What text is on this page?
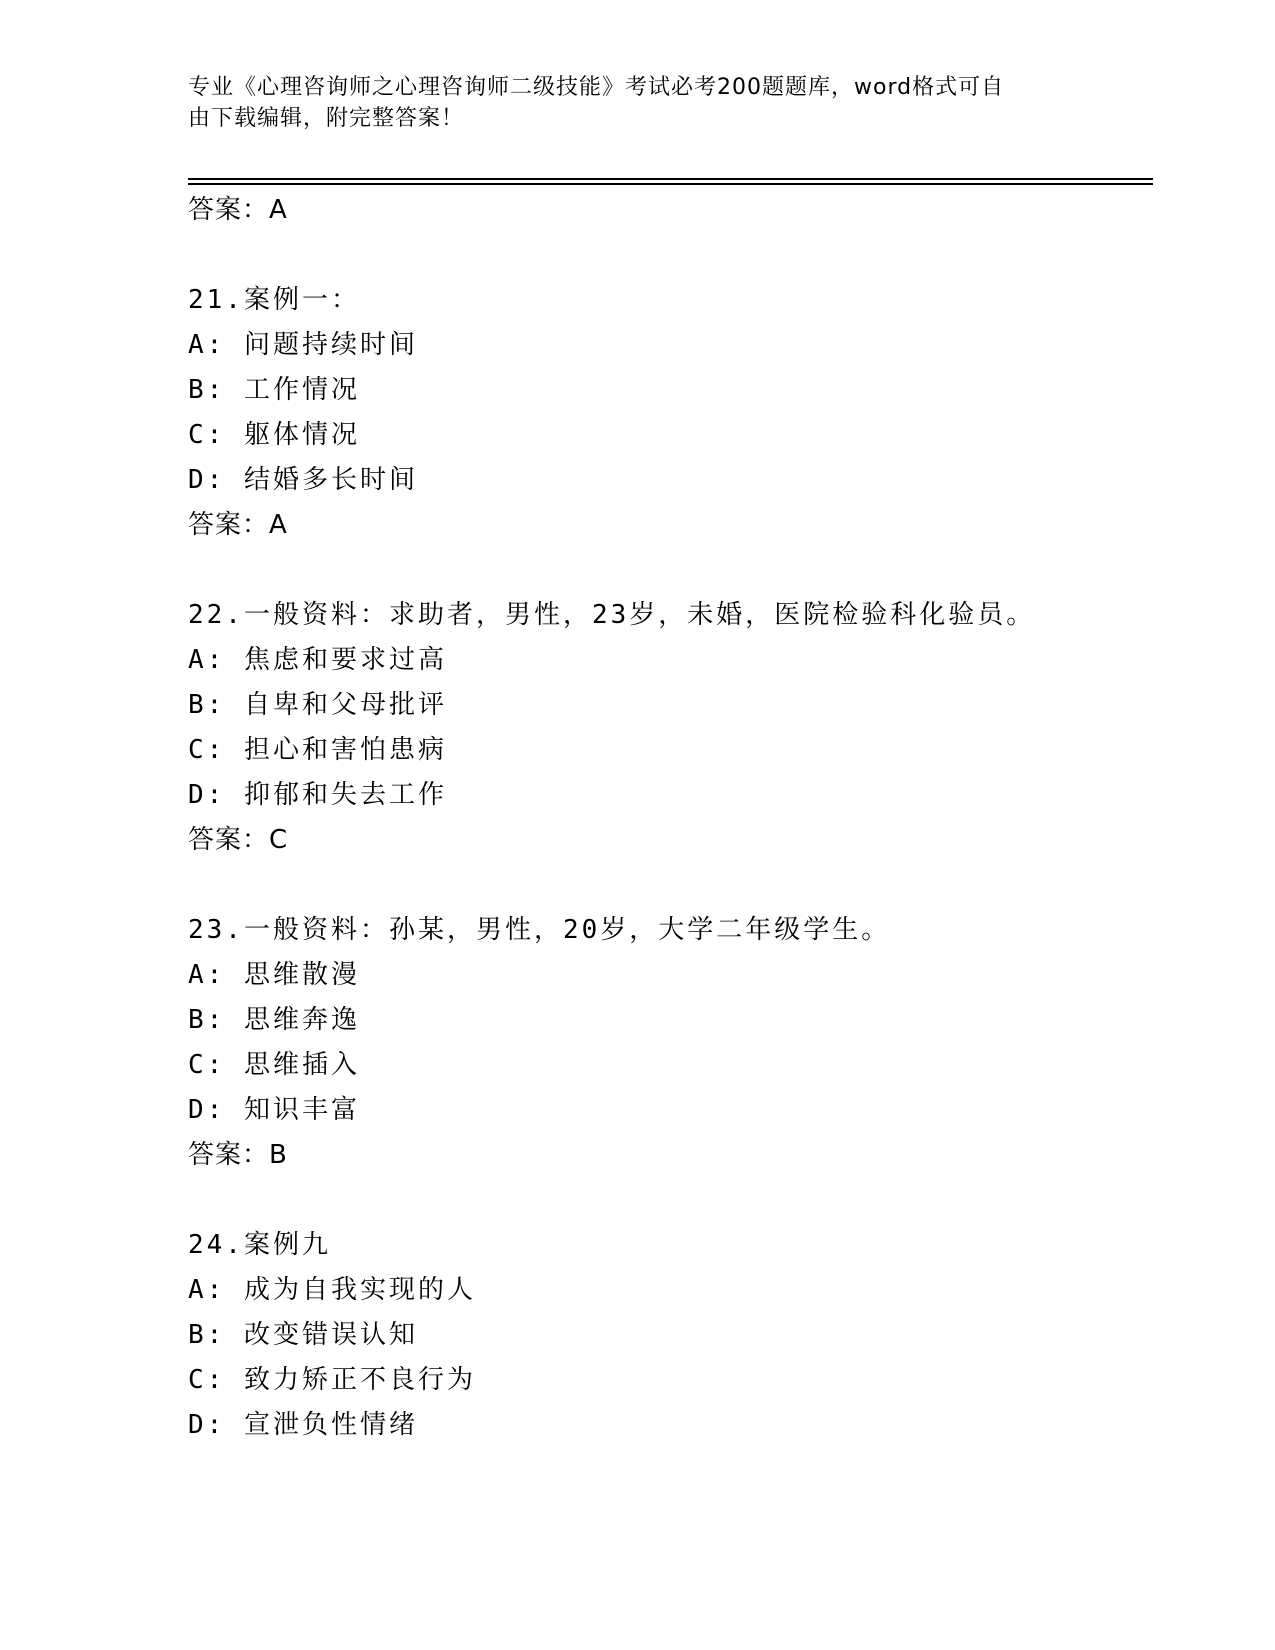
专业《心理咨询师之心理咨询师二级技能》考试必考200题题库，word格式可自
由下载编辑，附完整答案！
答案：A
21.案例一：
A: 问题持续时间
B: 工作情况
C: 躯体情况
D: 结婚多长时间
答案：A
22.一般资料：求助者，男性，23岁，未婚，医院检验科化验员。
A: 焦虑和要求过高
B: 自卑和父母批评
C: 担心和害怕患病
D: 抑郁和失去工作
答案：C
23.一般资料：孙某，男性，20岁，大学二年级学生。
A: 思维散漫
B: 思维奔逸
C: 思维插入
D: 知识丰富
答案：B
24.案例九
A: 成为自我实现的人
B: 改变错误认知
C: 致力矫正不良行为
D: 宣泄负性情绪
